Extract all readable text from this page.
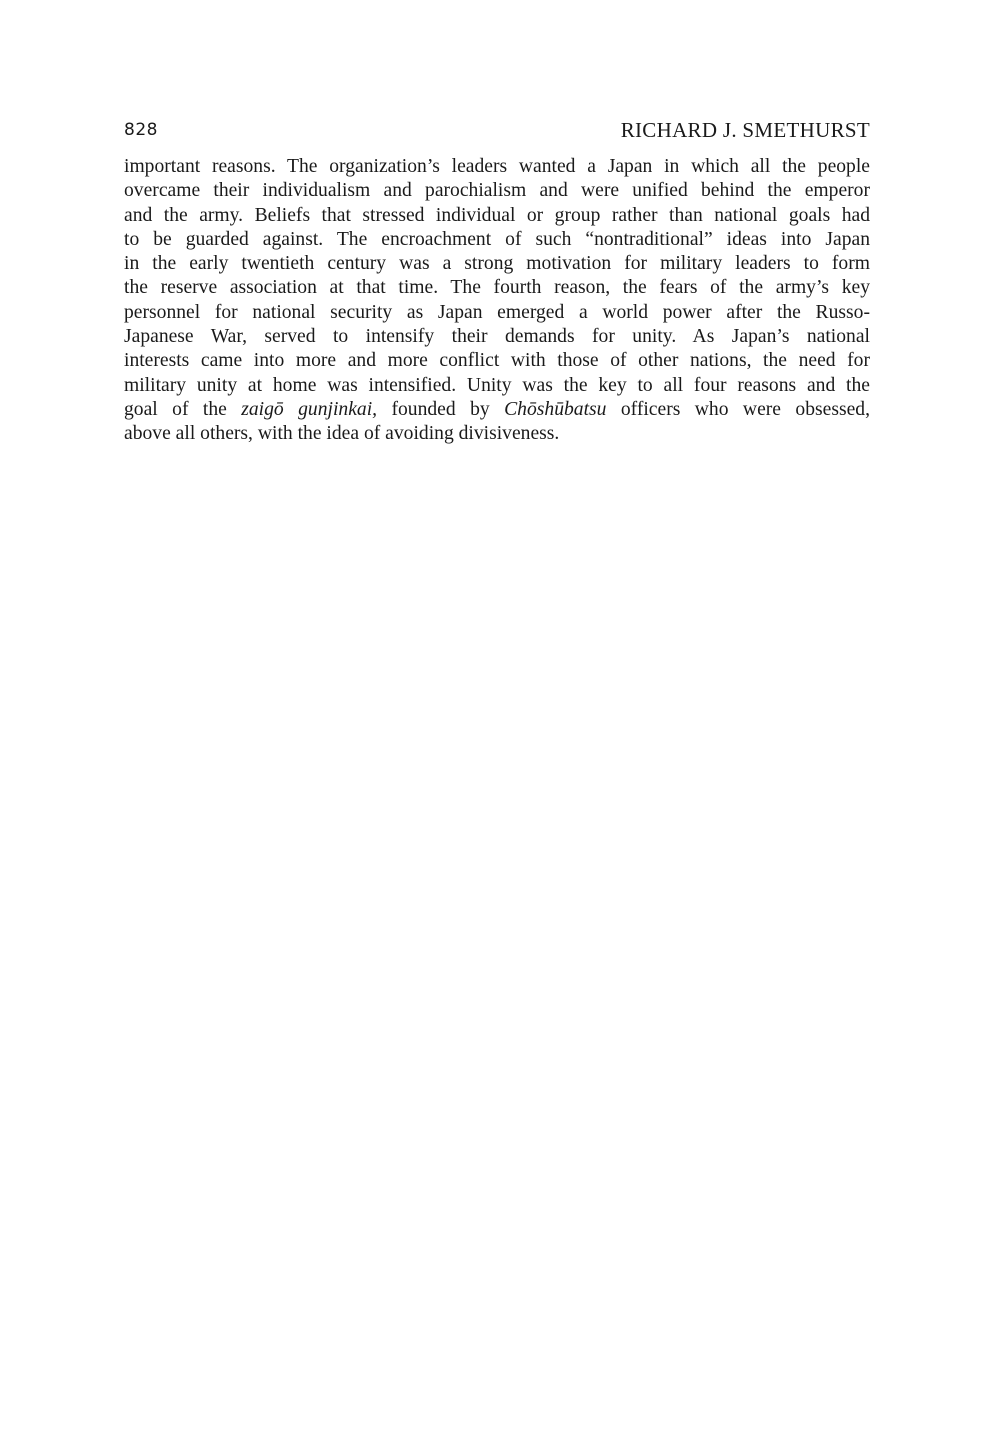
828	RICHARD J. SMETHURST
important reasons. The organization’s leaders wanted a Japan in which all the people
overcame their individualism and parochialism and were unified behind the emperor
and the army. Beliefs that stressed individual or group rather than national goals had
to be guarded against. The encroachment of such “nontraditional” ideas into Japan
in the early twentieth century was a strong motivation for military leaders to form
the reserve association at that time. The fourth reason, the fears of the army’s key
personnel for national security as Japan emerged a world power after the Russo-
Japanese War, served to intensify their demands for unity. As Japan’s national
interests came into more and more conflict with those of other nations, the need for
military unity at home was intensified. Unity was the key to all four reasons and the
goal of the zaigō gunjinkai, founded by Chōshūbatsu officers who were obsessed,
above all others, with the idea of avoiding divisiveness.
